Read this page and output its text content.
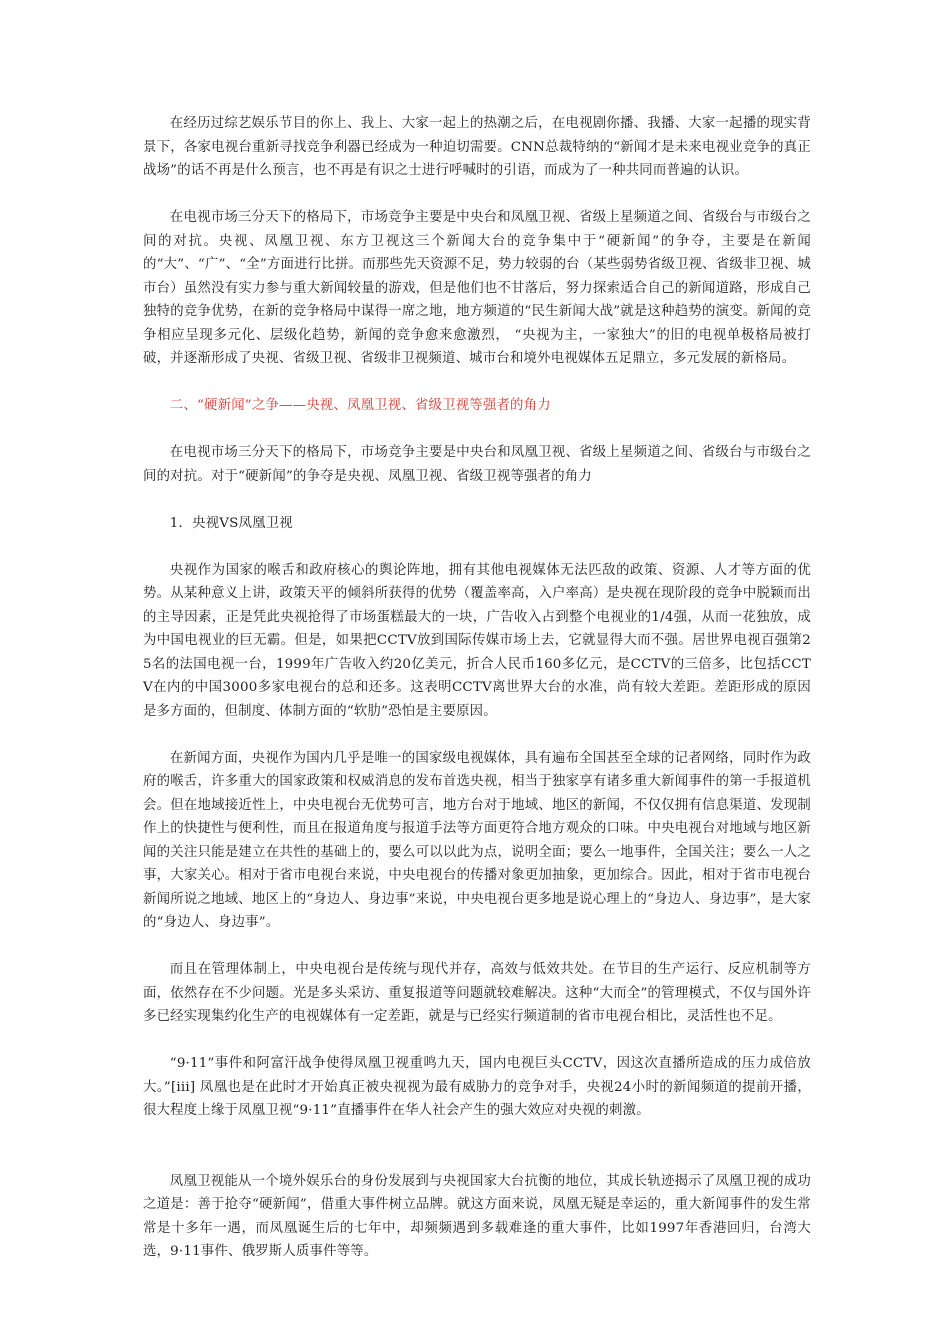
在经历过综艺娱乐节目的你上、我上、大家一起上的热潮之后，在电视剧你播、我播、大家一起播的现实背景下，各家电视台重新寻找竞争利器已经成为一种迫切需要。CNN总裁特纳的“新闻才是未来电视业竞争的真正战场”的话不再是什么预言，也不再是有识之士进行呼喊时的引语，而成为了一种共同而普遍的认识。

在电视市场三分天下的格局下，市场竞争主要是中央台和凤凰卫视、省级上星频道之间、省级台与市级台之间的对抗。央视、凤凰卫视、东方卫视这三个新闻大台的竞争集中于“硬新闻”的争夺，主要是在新闻的“大”、“广”、“全”方面进行比拼。而那些先天资源不足，势力较弱的台（某些弱势省级卫视、省级非卫视、城市台）虽然没有实力参与重大新闻较量的游戏，但是他们也不甘落后，努力探索适合自己的新闻道路，形成自己独特的竞争优势，在新的竞争格局中谋得一席之地，地方频道的“民生新闻大战”就是这种趋势的演变。新闻的竞争相应呈现多元化、层级化趋势，新闻的竞争愈来愈激烈， “央视为主，一家独大”的旧的电视单极格局被打破，并逐渐形成了央视、省级卫视、省级非卫视频道、城市台和境外电视媒体五足鼎立，多元发展的新格局。

二、“硬新闻”之争——央视、凤凰卫视、省级卫视等强者的角力

在电视市场三分天下的格局下，市场竞争主要是中央台和凤凰卫视、省级上星频道之间、省级台与市级台之间的对抗。对于“硬新闻”的争夺是央视、凤凰卫视、省级卫视等强者的角力

1．央视VS凤凰卫视

央视作为国家的喉舌和政府核心的舆论阵地，拥有其他电视媒体无法匹敌的政策、资源、人才等方面的优势。从某种意义上讲，政策天平的倾斜所获得的优势（覆盖率高，入户率高）是央视在现阶段的竞争中脱颖而出的主导因素，正是凭此央视抢得了市场蛋糕最大的一块，广告收入占到整个电视业的1/4强，从而一花独放，成为中国电视业的巨无霸。但是，如果把CCTV放到国际传媒市场上去，它就显得大而不强。居世界电视百强第25名的法国电视一台，1999年广告收入约20亿美元，折合人民币160多亿元，是CCTV的三倍多，比包括CCTV在内的中国3000多家电视台的总和还多。这表明CCTV离世界大台的水准，尚有较大差距。差距形成的原因是多方面的，但制度、体制方面的“软肋”恐怕是主要原因。

在新闻方面，央视作为国内几乎是唯一的国家级电视媒体，具有遍布全国甚至全球的记者网络，同时作为政府的喉舌，许多重大的国家政策和权威消息的发布首选央视，相当于独家享有诸多重大新闻事件的第一手报道机会。但在地域接近性上，中央电视台无优势可言，地方台对于地域、地区的新闻，不仅仅拥有信息渠道、发现制作上的快捷性与便利性，而且在报道角度与报道手法等方面更符合地方观众的口味。中央电视台对地域与地区新闻的关注只能是建立在共性的基础上的，要么可以以此为点，说明全面；要么一地事件，全国关注；要么一人之事，大家关心。相对于省市电视台来说，中央电视台的传播对象更加抽象，更加综合。因此，相对于省市电视台新闻所说之地域、地区上的“身边人、身边事”来说，中央电视台更多地是说心理上的“身边人、身边事”，是大家的“身边人、身边事”。

而且在管理体制上，中央电视台是传统与现代并存，高效与低效共处。在节目的生产运行、反应机制等方面，依然存在不少问题。光是多头采访、重复报道等问题就较难解决。这种“大而全”的管理模式，不仅与国外许多已经实现集约化生产的电视媒体有一定差距，就是与已经实行频道制的省市电视台相比，灵活性也不足。

“9·11”事件和阿富汗战争使得凤凰卫视重鸣九天，国内电视巨头CCTV，因这次直播所造成的压力成倍放大。”[iii] 凤凰也是在此时才开始真正被央视视为最有威胁力的竞争对手，央视24小时的新闻频道的提前开播，很大程度上缘于凤凰卫视“9·11”直播事件在华人社会产生的强大效应对央视的刺激。

凤凰卫视能从一个境外娱乐台的身份发展到与央视国家大台抗衡的地位，其成长轨迹揭示了凤凰卫视的成功之道是：善于抢夺“硬新闻”，借重大事件树立品牌。就这方面来说，凤凰无疑是幸运的，重大新闻事件的发生常常是十多年一遇，而凤凰诞生后的七年中，却频频遇到多载难逢的重大事件，比如1997年香港回归，台湾大选，9·11事件、俄罗斯人质事件等等。
